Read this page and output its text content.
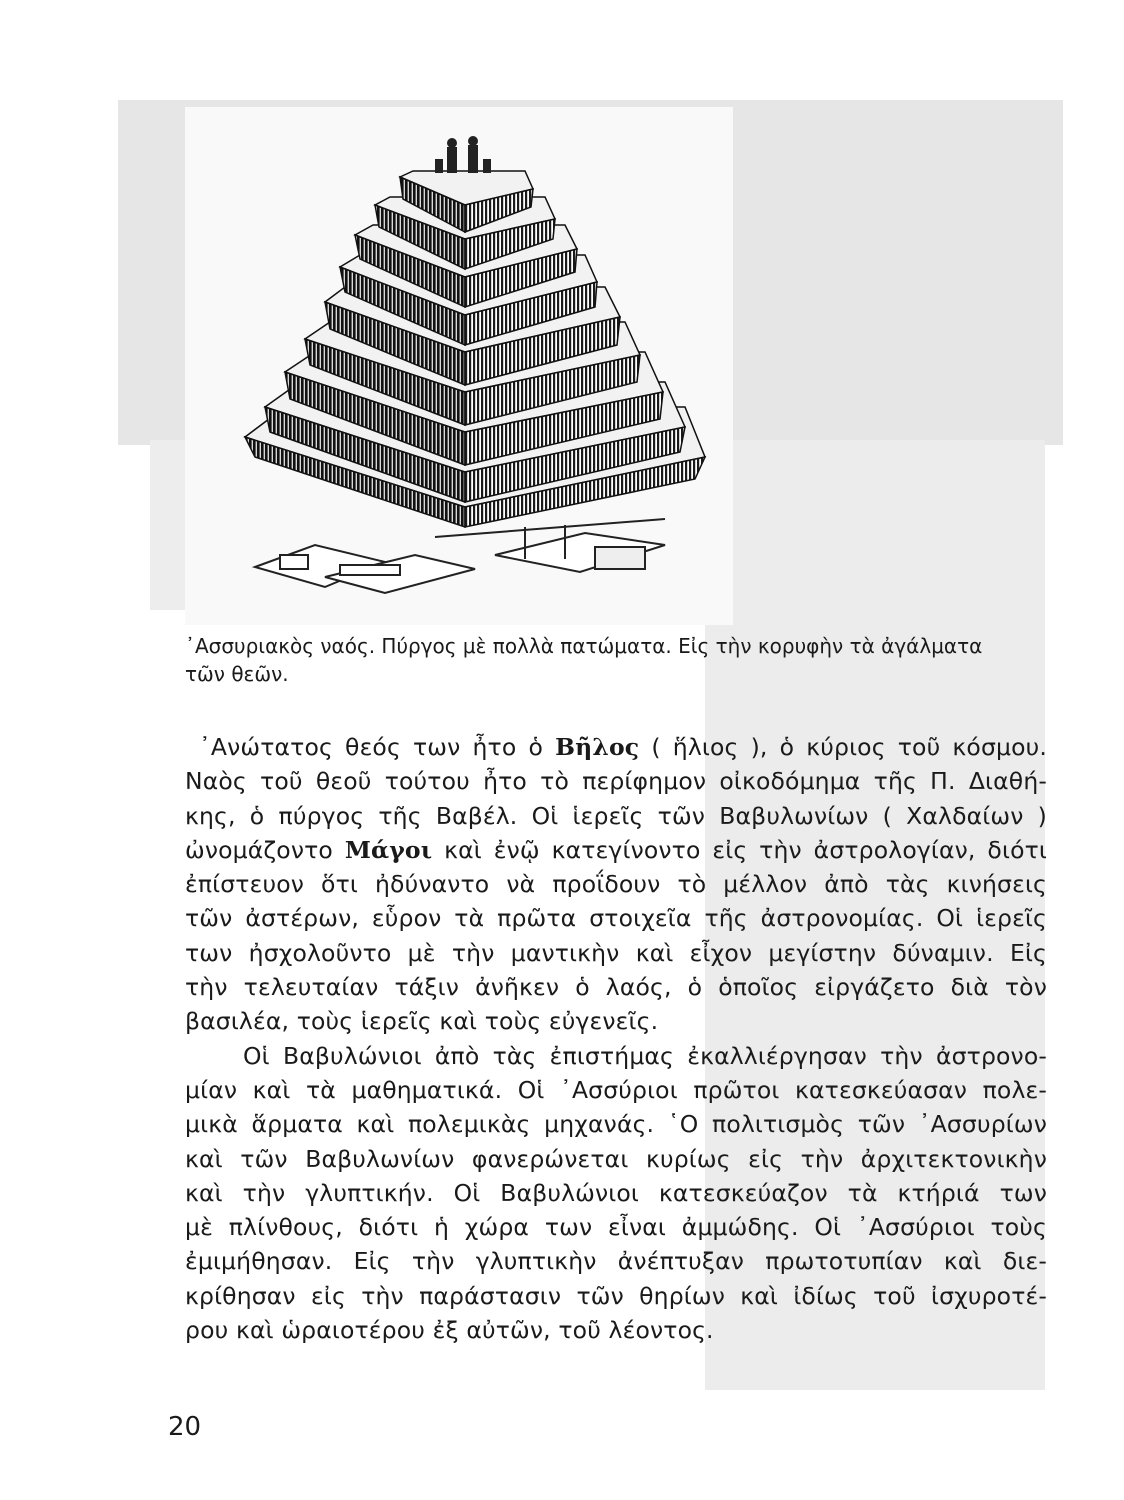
᾿Ασσυριακὸς ναός. Πύργος μὲ πολλὰ πατώματα. Εἰς τὴν κορυφὴν τὰ ἀγάλματα
τῶν θεῶν.

᾿Ανώτατος θεός των ἦτο ὁ Βῆλος ( ἥλιος ), ὁ κύριος τοῦ κόσμου.
Ναὸς τοῦ θεοῦ τούτου ἦτο τὸ περίφημον οἰκοδόμημα τῆς Π. Διαθή-
κης, ὁ πύργος τῆς Βαβέλ. Οἱ ἱερεῖς τῶν Βαβυλωνίων ( Χαλδαίων )
ὠνομάζοντο Μάγοι καὶ ἐνῷ κατεγίνοντο εἰς τὴν ἀστρολογίαν, διότι
ἐπίστευον ὅτι ἠδύναντο νὰ προΐδουν τὸ μέλλον ἀπὸ τὰς κινήσεις
τῶν ἀστέρων, εὗρον τὰ πρῶτα στοιχεῖα τῆς ἀστρονομίας. Οἱ ἱερεῖς
των ἠσχολοῦντο μὲ τὴν μαντικὴν καὶ εἶχον μεγίστην δύναμιν. Εἰς
τὴν τελευταίαν τάξιν ἀνῆκεν ὁ λαός, ὁ ὁποῖος εἰργάζετο διὰ τὸν
βασιλέα, τοὺς ἱερεῖς καὶ τοὺς εὐγενεῖς.

Οἱ Βαβυλώνιοι ἀπὸ τὰς ἐπιστήμας ἐκαλλιέργησαν τὴν ἀστρονο-
μίαν καὶ τὰ μαθηματικά. Οἱ ᾿Ασσύριοι πρῶτοι κατεσκεύασαν πολε-
μικὰ ἅρματα καὶ πολεμικὰς μηχανάς. ῾Ο πολιτισμὸς τῶν ᾿Ασσυρίων
καὶ τῶν Βαβυλωνίων φανερώνεται κυρίως εἰς τὴν ἀρχιτεκτονικὴν
καὶ τὴν γλυπτικήν. Οἱ Βαβυλώνιοι κατεσκεύαζον τὰ κτήριά των
μὲ πλίνθους, διότι ἡ χώρα των εἶναι ἀμμώδης. Οἱ ᾿Ασσύριοι τοὺς
ἐμιμήθησαν. Εἰς τὴν γλυπτικὴν ἀνέπτυξαν πρωτοτυπίαν καὶ διε-
κρίθησαν εἰς τὴν παράστασιν τῶν θηρίων καὶ ἰδίως τοῦ ἰσχυροτέ-
ρου καὶ ὡραιοτέρου ἐξ αὐτῶν, τοῦ λέοντος.

20
